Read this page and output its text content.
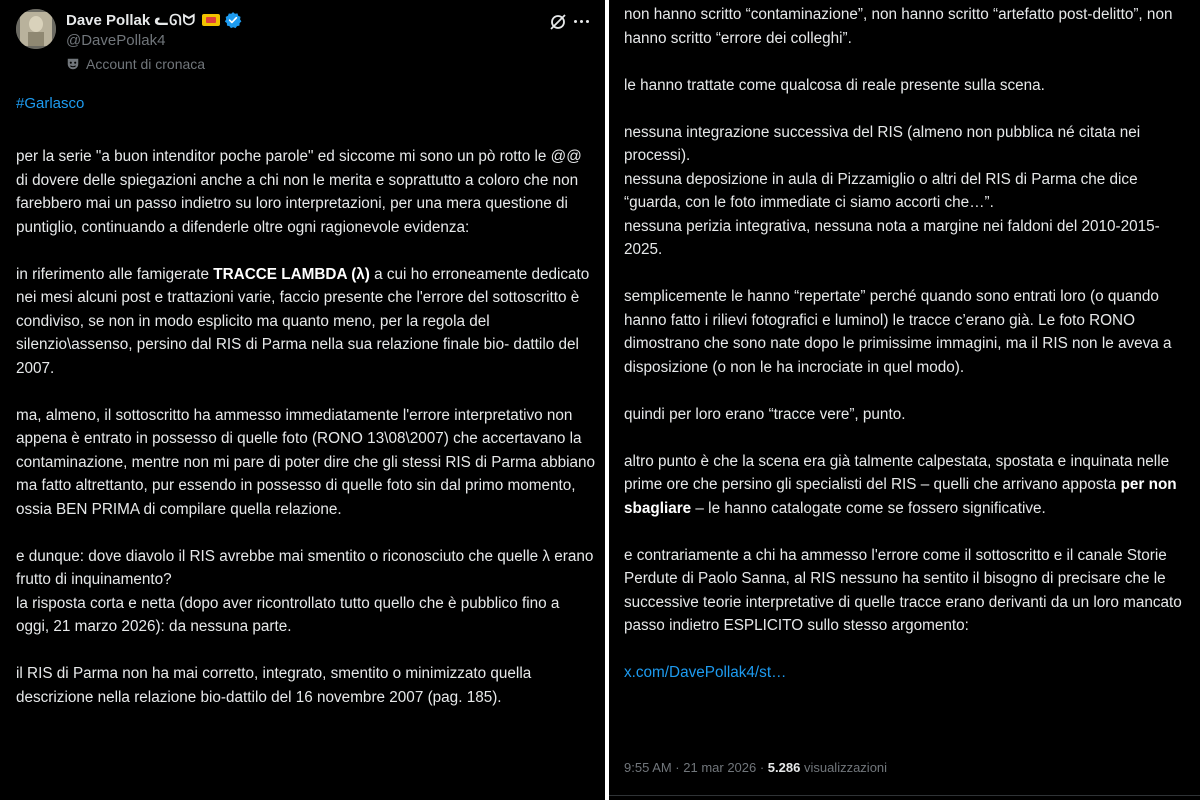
Dave Pollak ᓚᘏᗢ
@DavePollak4
Account di cronaca
#Garlasco

per la serie "a buon intenditor poche parole" ed siccome mi sono un pò rotto le @@ di dovere delle spiegazioni anche a chi non le merita e soprattutto a coloro che non farebbero mai un passo indietro su loro interpretazioni, per una mera questione di puntiglio, continuando a difenderle oltre ogni ragionevole evidenza:

in riferimento alle famigerate TRACCE LAMBDA (λ) a cui ho erroneamente dedicato nei mesi alcuni post e trattazioni varie, faccio presente che l'errore del sottoscritto è condiviso, se non in modo esplicito ma quanto meno, per la regola del silenzio\assenso, persino dal RIS di Parma nella sua relazione finale bio- dattilo del 2007.

ma, almeno, il sottoscritto ha ammesso immediatamente l'errore interpretativo non appena è entrato in possesso di quelle foto (RONO 13\08\2007) che accertavano la contaminazione, mentre non mi pare di poter dire che gli stessi RIS di Parma abbiano ma fatto altrettanto, pur essendo in possesso di quelle foto sin dal primo momento, ossia BEN PRIMA di compilare quella relazione.

e dunque: dove diavolo il RIS avrebbe mai smentito o riconosciuto che quelle λ erano frutto di inquinamento?
la risposta corta e netta (dopo aver ricontrollato tutto quello che è pubblico fino a oggi, 21 marzo 2026): da nessuna parte.

il RIS di Parma non ha mai corretto, integrato, smentito o minimizzato quella descrizione nella relazione bio-dattilo del 16 novembre 2007 (pag. 185).

non hanno scritto “contaminazione”, non hanno scritto “artefatto post-delitto”, non hanno scritto “errore dei colleghi”.

le hanno trattate come qualcosa di reale presente sulla scena.

nessuna integrazione successiva del RIS (almeno non pubblica né citata nei processi).
nessuna deposizione in aula di Pizzamiglio o altri del RIS di Parma che dice “guarda, con le foto immediate ci siamo accorti che…”.
nessuna perizia integrativa, nessuna nota a margine nei faldoni del 2010-2015-2025.

semplicemente le hanno “repertate” perché quando sono entrati loro (o quando hanno fatto i rilievi fotografici e luminol) le tracce c’erano già. Le foto RONO dimostrano che sono nate dopo le primissime immagini, ma il RIS non le aveva a disposizione (o non le ha incrociate in quel modo).

quindi per loro erano “tracce vere”, punto.

altro punto è che la scena era già talmente calpestata, spostata e inquinata nelle prime ore che persino gli specialisti del RIS – quelli che arrivano apposta per non sbagliare – le hanno catalogate come se fossero significative.

e contrariamente a chi ha ammesso l'errore come il sottoscritto e il canale Storie Perdute di Paolo Sanna, al RIS nessuno ha sentito il bisogno di precisare che le successive teorie interpretative di quelle tracce erano derivanti da un loro mancato passo indietro ESPLICITO sullo stesso argomento:

x.com/DavePollak4/st…

9:55 AM · 21 mar 2026 · 5.286 visualizzazioni
